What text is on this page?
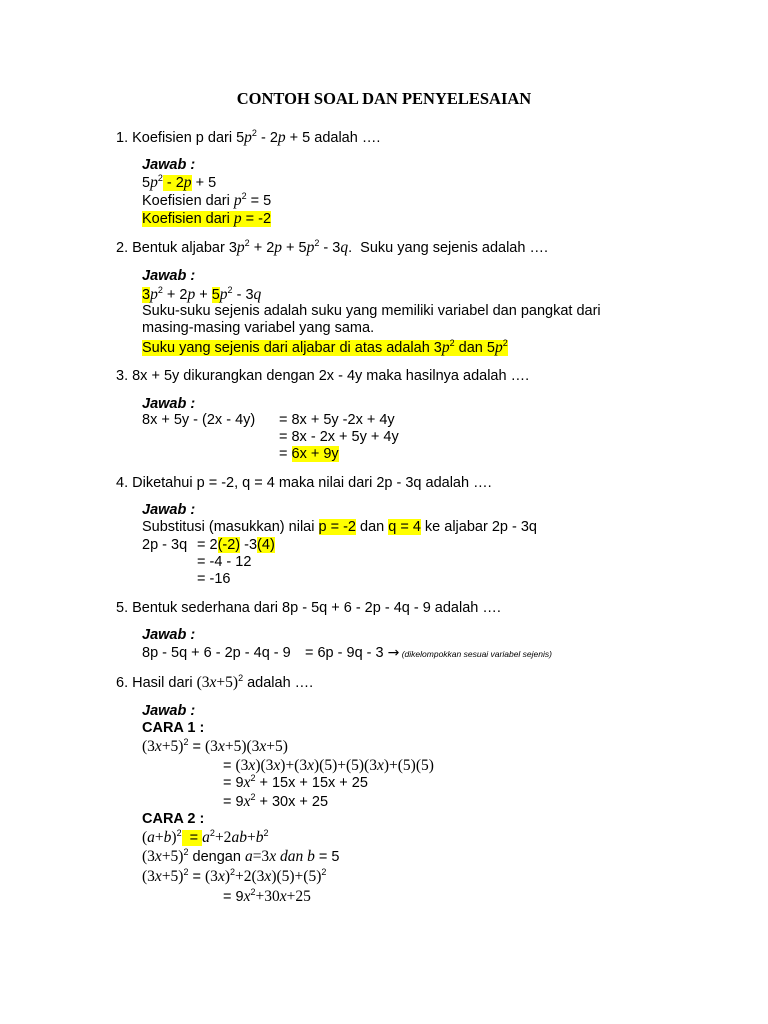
CONTOH SOAL DAN PENYELESAIAN
1. Koefisien p dari $5p^2 - 2p + 5$ adalah ….
Jawab :
$5p^2 - 2p + 5$
Koefisien dari $p^2 = 5$
Koefisien dari p = -2
2. Bentuk aljabar $3p^2 + 2p + 5p^2 - 3q$.  Suku yang sejenis adalah ….
Jawab :
$3p^2 + 2p + 5p^2 - 3q$
Suku-suku sejenis adalah suku yang memiliki variabel dan pangkat dari
masing-masing variabel yang sama.
Suku yang sejenis dari aljabar di atas adalah $3p^2$ dan $5p^2$
3. 8x + 5y dikurangkan dengan 2x - 4y maka hasilnya adalah ….
Jawab :
8x + 5y - (2x - 4y) = 8x + 5y -2x + 4y
= 8x - 2x + 5y + 4y
= 6x + 9y
4. Diketahui p = -2, q = 4 maka nilai dari 2p - 3q adalah ….
Jawab :
Substitusi (masukkan) nilai p = -2 dan q = 4 ke aljabar 2p - 3q
2p - 3q = 2(-2) -3(4)
= -4 - 12
= -16
5. Bentuk sederhana dari 8p - 5q + 6 - 2p - 4q - 9 adalah ….
Jawab :
8p - 5q + 6 - 2p - 4q - 9 = 6p - 9q - 3 → (dikelompokkan sesuai variabel sejenis)
6. Hasil dari $(3x+5)^2$ adalah ….
Jawab :
CARA 1 :
$(3x+5)^2 = (3x+5)(3x+5)$
= (3x)(3x)+(3x)(5)+(5)(3x)+(5)(5)
= $9x^2 + 15x + 15x + 25$
= $9x^2 + 30x + 25$
CARA 2 :
$(a+b)^2 = a^2+2ab+b^2$
$(3x+5)^2$ dengan a=3x dan b = 5
$(3x+5)^2 = (3x)^2+2(3x)(5)+(5)^2$
= $9x^2+30x+25$
